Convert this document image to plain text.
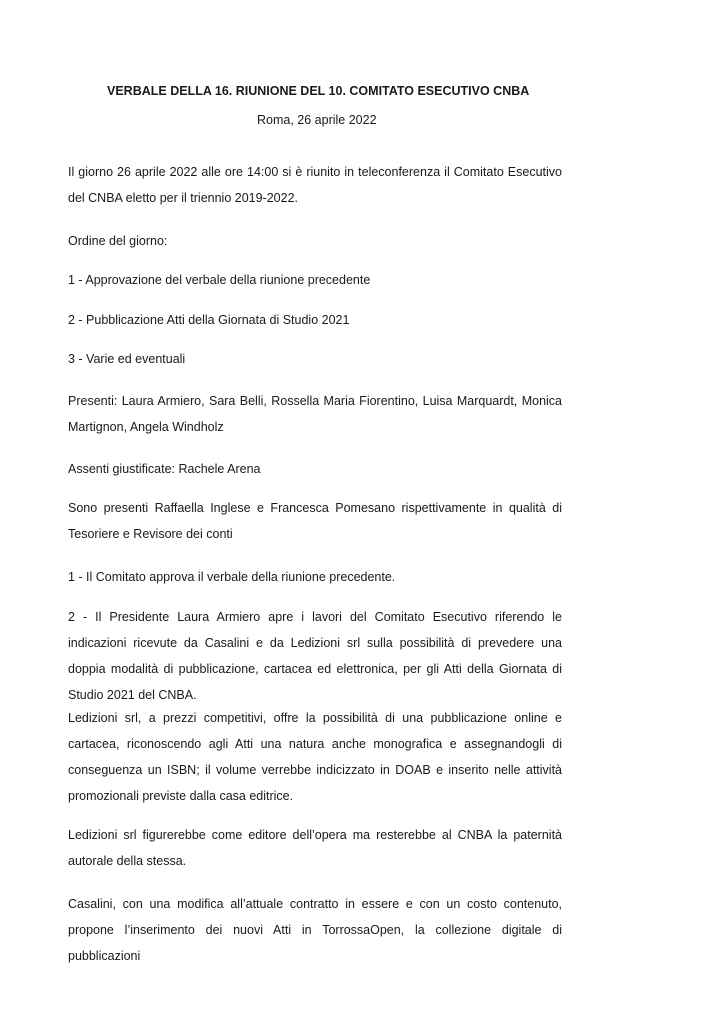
VERBALE DELLA 16. RIUNIONE DEL 10. COMITATO ESECUTIVO CNBA
Roma, 26 aprile 2022

Il giorno 26 aprile 2022 alle ore 14:00 si è riunito in teleconferenza il Comitato Esecutivo del CNBA eletto per il triennio 2019-2022.

Ordine del giorno:

1 - Approvazione del verbale della riunione precedente

2 - Pubblicazione Atti della Giornata di Studio 2021

3 - Varie ed eventuali

Presenti: Laura Armiero, Sara Belli, Rossella Maria Fiorentino, Luisa Marquardt, Monica Martignon, Angela Windholz

Assenti giustificate: Rachele Arena

Sono presenti Raffaella Inglese e Francesca Pomesano rispettivamente in qualità di Tesoriere e Revisore dei conti

1 - Il Comitato approva il verbale della riunione precedente.

2 - Il Presidente Laura Armiero apre i lavori del Comitato Esecutivo riferendo le indicazioni ricevute da Casalini e da Ledizioni srl sulla possibilità di prevedere una doppia modalità di pubblicazione, cartacea ed elettronica, per gli Atti della Giornata di Studio 2021 del CNBA.

Ledizioni srl, a prezzi competitivi, offre la possibilità di una pubblicazione online e cartacea, riconoscendo agli Atti una natura anche monografica e assegnandogli di conseguenza un ISBN; il volume verrebbe indicizzato in DOAB e inserito nelle attività promozionali previste dalla casa editrice.

Ledizioni srl figurerebbe come editore dell’opera ma resterebbe al CNBA la paternità autorale della stessa.

Casalini, con una modifica all’attuale contratto in essere e con un costo contenuto, propone l’inserimento dei nuovi Atti in TorrossaOpen, la collezione digitale di pubblicazioni
